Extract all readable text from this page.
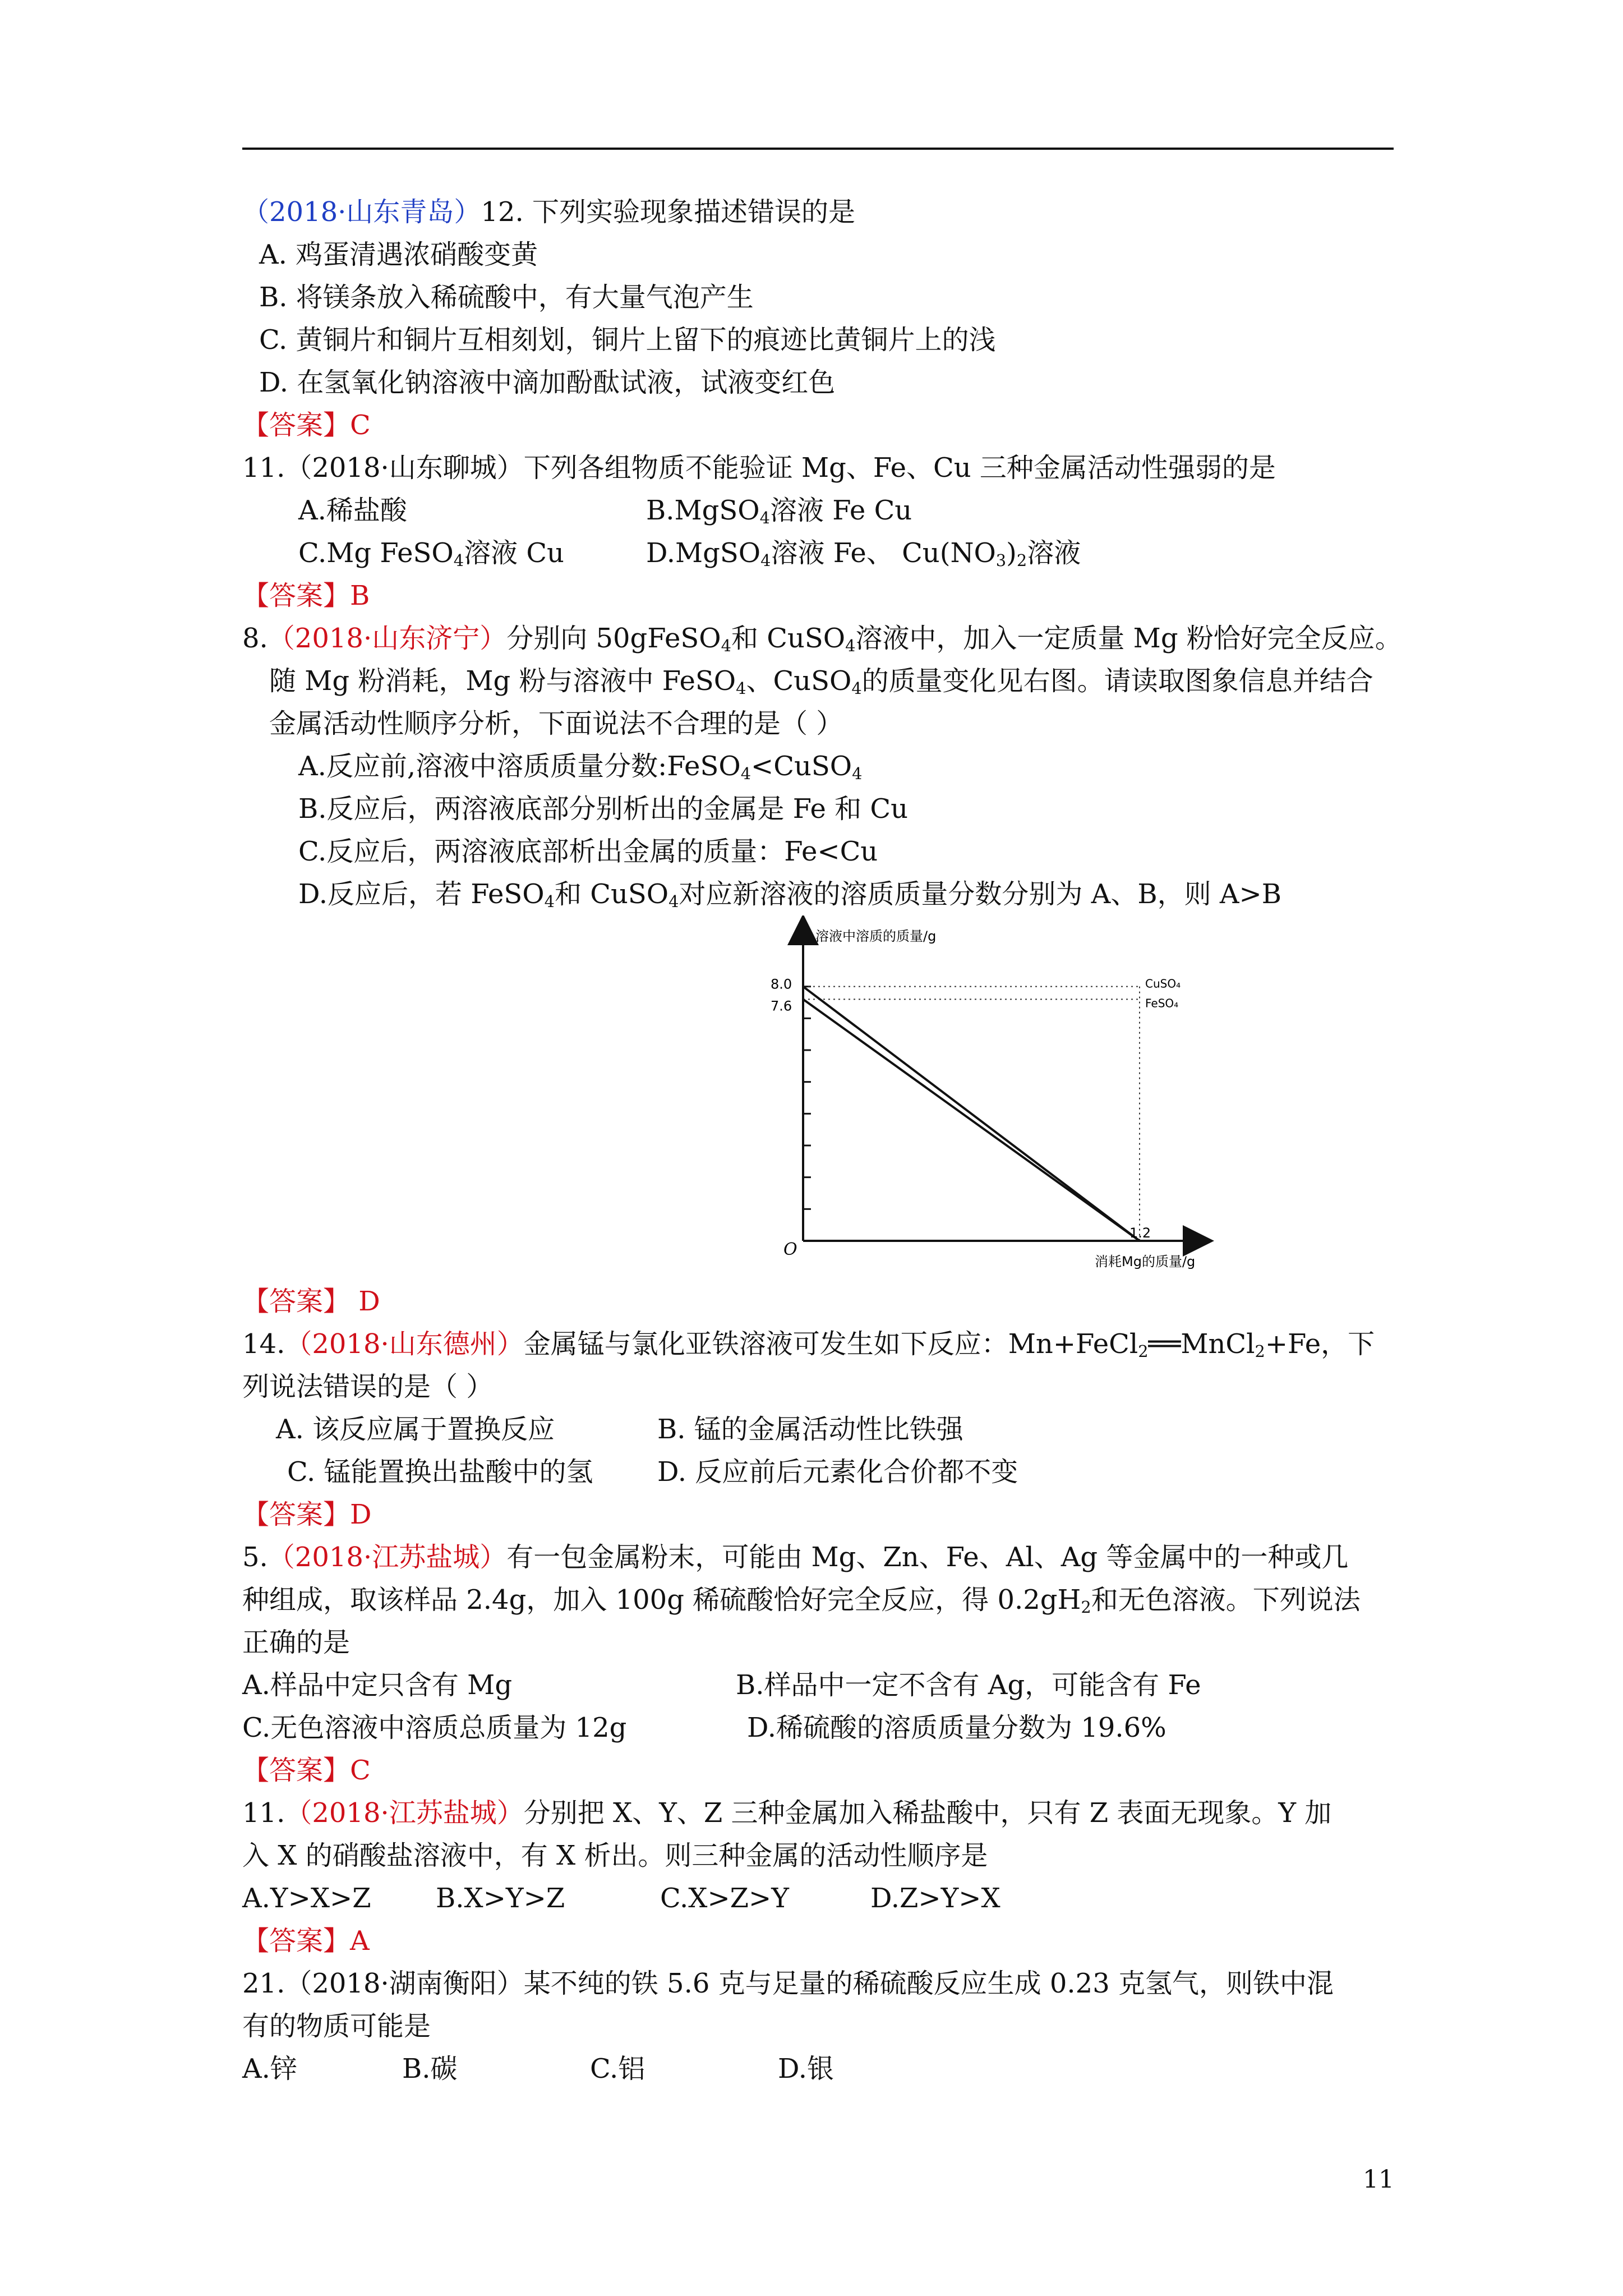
（2018·山东青岛）12. 下列实验现象描述错误的是
A. 鸡蛋清遇浓硝酸变黄
B. 将镁条放入稀硫酸中，有大量气泡产生
C. 黄铜片和铜片互相刻划，铜片上留下的痕迹比黄铜片上的浅
D. 在氢氧化钠溶液中滴加酚酞试液，试液变红色
【答案】C
11.（2018·山东聊城）下列各组物质不能验证 Mg、Fe、Cu 三种金属活动性强弱的是
A.稀盐酸	B.MgSO$_4$溶液 Fe Cu
C.Mg FeSO$_4$溶液 Cu	D.MgSO$_4$溶液 Fe、 $Cu(NO_3)_2$溶液
【答案】B
8.（2018·山东济宁）分别向 50gFeSO$_4$和 CuSO$_4$溶液中，加入一定质量 Mg 粉恰好完全反应。
随 Mg 粉消耗，Mg 粉与溶液中 FeSO$_4$、CuSO$_4$的质量变化见右图。请读取图象信息并结合
金属活动性顺序分析，下面说法不合理的是（ ）
A.反应前,溶液中溶质质量分数:FeSO$_4$<CuSO$_4$
B.反应后，两溶液底部分别析出的金属是 Fe 和 Cu
C.反应后，两溶液底部析出金属的质量：Fe<Cu
D.反应后，若 FeSO$_4$和 CuSO$_4$对应新溶液的溶质质量分数分别为 A、B，则 A>B
溶液中溶质的质量/g
消耗Mg的质量/g
O
CuSO₄
8.0
FeSO₄
7.6
1.2
【答案】 D
14.（2018·山东德州）金属锰与氯化亚铁溶液可发生如下反应：Mn+FeCl$_2$══MnCl$_2$+Fe，下
列说法错误的是（ ）
A. 该反应属于置换反应	B. 锰的金属活动性比铁强
C. 锰能置换出盐酸中的氢	D. 反应前后元素化合价都不变
【答案】D
5.（2018·江苏盐城）有一包金属粉末，可能由 Mg、Zn、Fe、Al、Ag 等金属中的一种或几
种组成，取该样品 2.4g，加入 100g 稀硫酸恰好完全反应，得 $0.2gH_2$和无色溶液。下列说法
正确的是
A.样品中定只含有 Mg	B.样品中一定不含有 Ag，可能含有 Fe
C.无色溶液中溶质总质量为 12g	D.稀硫酸的溶质质量分数为 19.6%
【答案】C
11.（2018·江苏盐城）分别把 X、Y、Z 三种金属加入稀盐酸中，只有 Z 表面无现象。Y 加
入 X 的硝酸盐溶液中，有 X 析出。则三种金属的活动性顺序是
A.Y>X>Z	B.X>Y>Z	C.X>Z>Y	D.Z>Y>X
【答案】A
21.（2018·湖南衡阳）某不纯的铁 5.6 克与足量的稀硫酸反应生成 0.23 克氢气，则铁中混
有的物质可能是
A.锌	B.碳	C.铝	D.银
11
